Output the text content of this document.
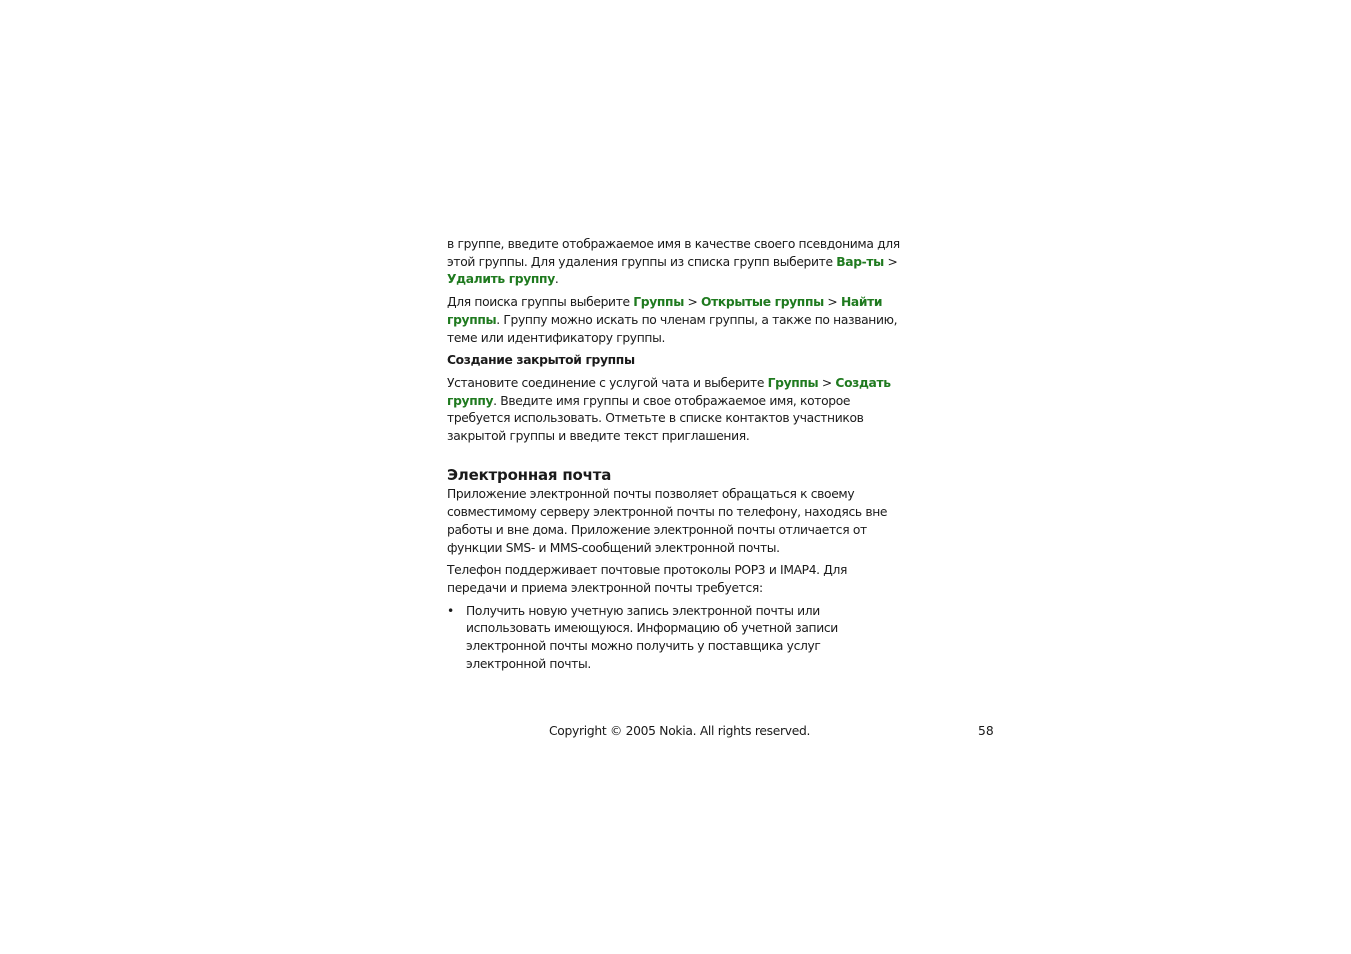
в группе, введите отображаемое имя в качестве своего псевдонима для этой группы. Для удаления группы из списка групп выберите Вар-ты > Удалить группу.

Для поиска группы выберите Группы > Открытые группы > Найти группы. Группу можно искать по членам группы, а также по названию, теме или идентификатору группы.

Создание закрытой группы

Установите соединение с услугой чата и выберите Группы > Создать группу. Введите имя группы и свое отображаемое имя, которое требуется использовать. Отметьте в списке контактов участников закрытой группы и введите текст приглашения.

Электронная почта

Приложение электронной почты позволяет обращаться к своему совместимому серверу электронной почты по телефону, находясь вне работы и вне дома. Приложение электронной почты отличается от функции SMS- и MMS-сообщений электронной почты.

Телефон поддерживает почтовые протоколы POP3 и IMAP4. Для передачи и приема электронной почты требуется:

• Получить новую учетную запись электронной почты или использовать имеющуюся. Информацию об учетной записи электронной почты можно получить у поставщика услуг электронной почты.
Copyright © 2005 Nokia. All rights reserved.	58
